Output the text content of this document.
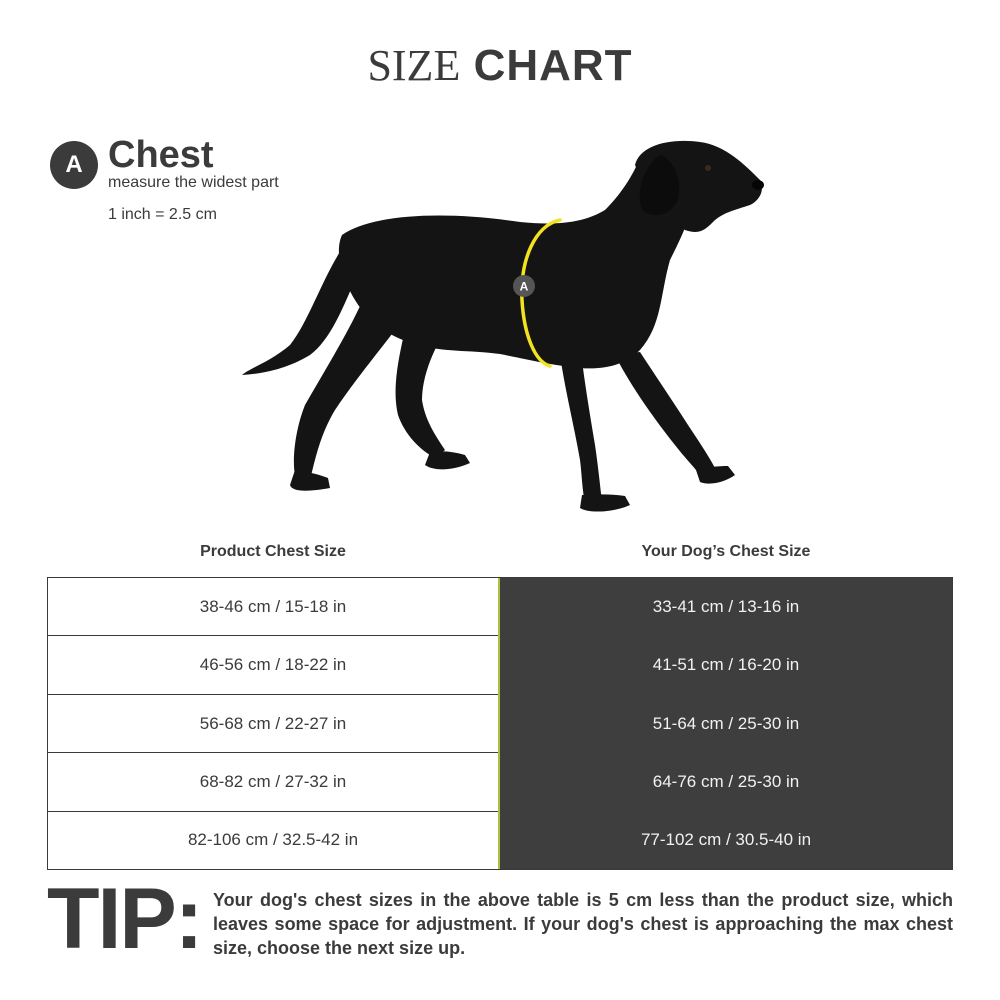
SIZE CHART
A Chest
measure the widest part
1 inch = 2.5 cm
A
Product Chest Size	Your Dog’s Chest Size
38-46 cm / 15-18 in
46-56 cm / 18-22 in
56-68 cm / 22-27 in
68-82 cm / 27-32 in
82-106 cm / 32.5-42 in
33-41 cm / 13-16 in
41-51 cm / 16-20 in
51-64 cm / 25-30 in
64-76 cm / 25-30 in
77-102 cm / 30.5-40 in
TIP: Your dog's chest sizes in the above table is 5 cm less than the product size, which leaves some space for adjustment. If your dog's chest is approaching the max chest size, choose the next size up.
